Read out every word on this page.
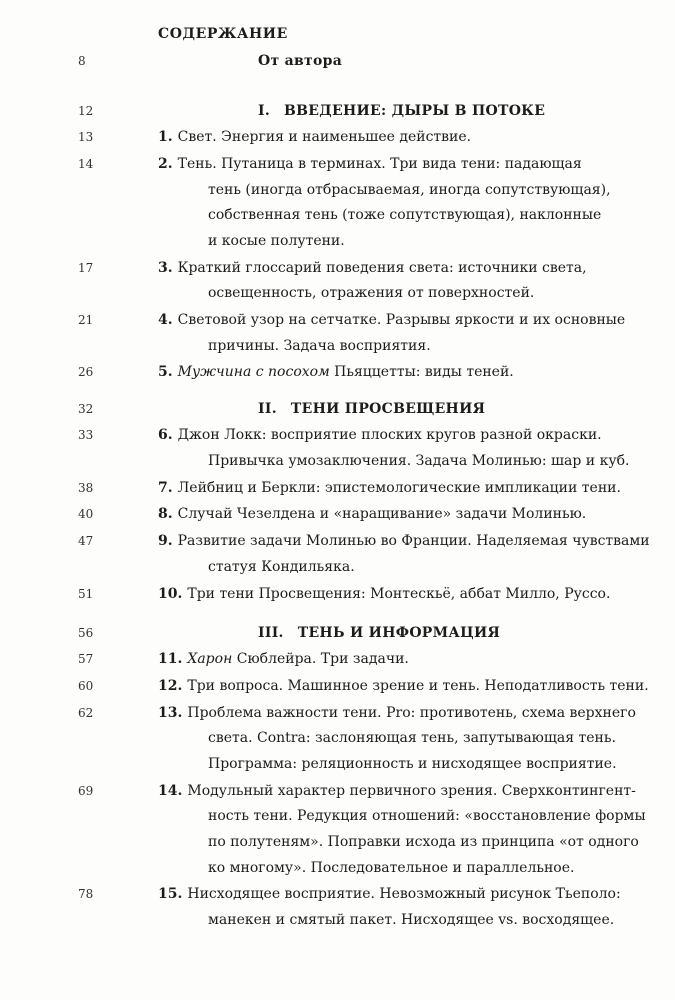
СОДЕРЖАНИЕ
8	От автора
12	I. ВВЕДЕНИЕ: ДЫРЫ В ПОТОКЕ
13	1. Свет. Энергия и наименьшее действие.
14	2. Тень. Путаница в терминах. Три вида тени: падающая
тень (иногда отбрасываемая, иногда сопутствующая),
собственная тень (тоже сопутствующая), наклонные
и косые полутени.
17	3. Краткий глоссарий поведения света: источники света,
освещенность, отражения от поверхностей.
21	4. Световой узор на сетчатке. Разрывы яркости и их основные
причины. Задача восприятия.
26	5. Мужчина с посохом Пьяццетты: виды теней.
32	II. ТЕНИ ПРОСВЕЩЕНИЯ
33	6. Джон Локк: восприятие плоских кругов разной окраски.
Привычка умозаключения. Задача Молинью: шар и куб.
38	7. Лейбниц и Беркли: эпистемологические импликации тени.
40	8. Случай Чезелдена и «наращивание» задачи Молинью.
47	9. Развитие задачи Молинью во Франции. Наделяемая чувствами
статуя Кондильяка.
51	10. Три тени Просвещения: Монтескьё, аббат Милло, Руссо.
56	III. ТЕНЬ И ИНФОРМАЦИЯ
57	11. Харон Сюблейра. Три задачи.
60	12. Три вопроса. Машинное зрение и тень. Неподатливость тени.
62	13. Проблема важности тени. Pro: противотень, схема верхнего
света. Contra: заслоняющая тень, запутывающая тень.
Программа: реляционность и нисходящее восприятие.
69	14. Модульный характер первичного зрения. Сверхконтингент-
ность тени. Редукция отношений: «восстановление формы
по полутеням». Поправки исхода из принципа «от одного
ко многому». Последовательное и параллельное.
78	15. Нисходящее восприятие. Невозможный рисунок Тьеполо:
манекен и смятый пакет. Нисходящее vs. восходящее.
